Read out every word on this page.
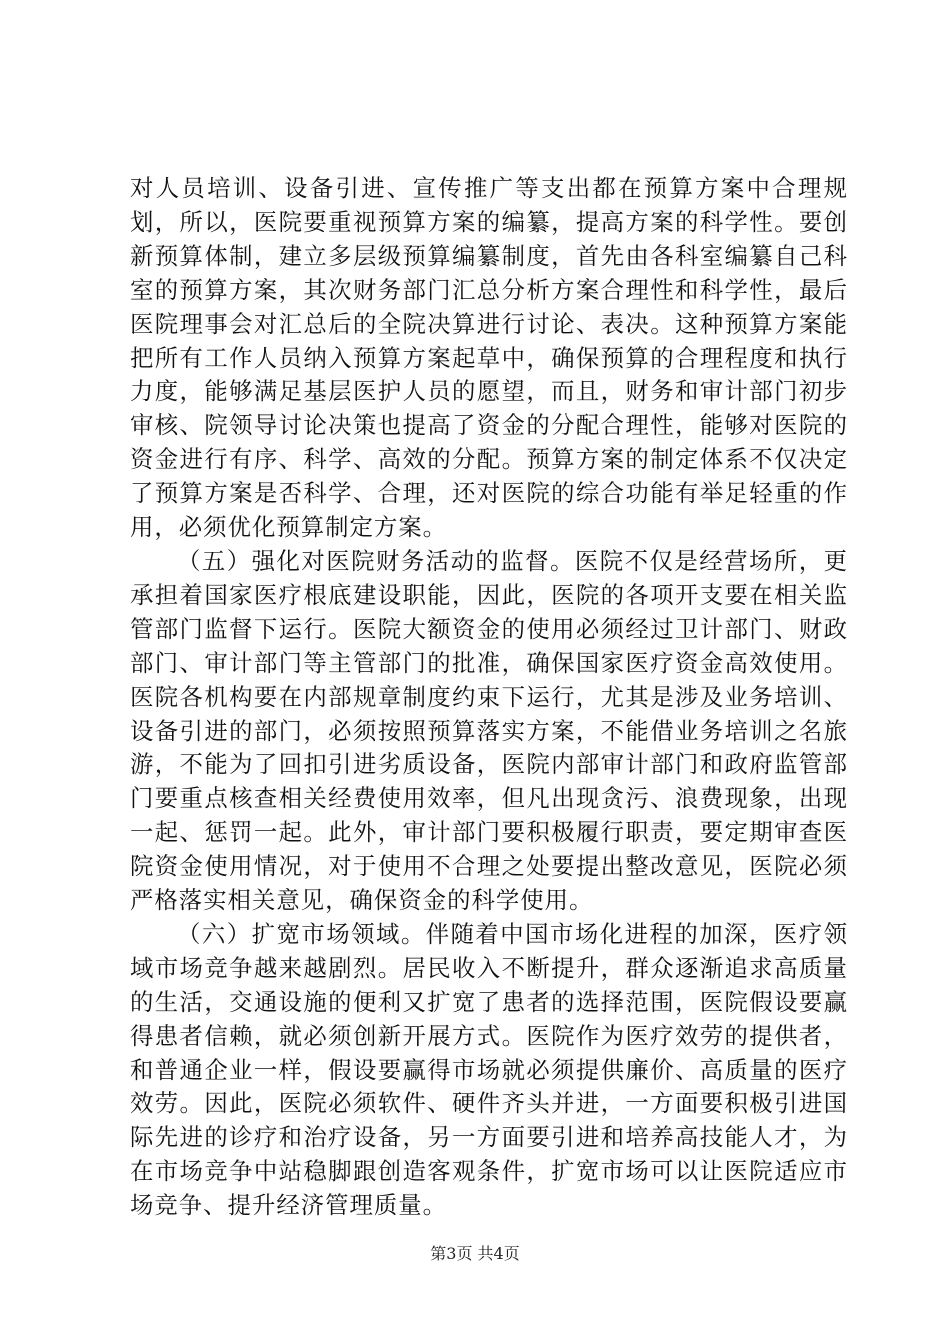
对人员培训、设备引进、宣传推广等支出都在预算方案中合理规划，所以，医院要重视预算方案的编纂，提高方案的科学性。要创新预算体制，建立多层级预算编纂制度，首先由各科室编纂自己科室的预算方案，其次财务部门汇总分析方案合理性和科学性，最后医院理事会对汇总后的全院决算进行讨论、表决。这种预算方案能把所有工作人员纳入预算方案起草中，确保预算的合理程度和执行力度，能够满足基层医护人员的愿望，而且，财务和审计部门初步审核、院领导讨论决策也提高了资金的分配合理性，能够对医院的资金进行有序、科学、高效的分配。预算方案的制定体系不仅决定了预算方案是否科学、合理，还对医院的综合功能有举足轻重的作用，必须优化预算制定方案。

（五）强化对医院财务活动的监督。医院不仅是经营场所，更承担着国家医疗根底建设职能，因此，医院的各项开支要在相关监管部门监督下运行。医院大额资金的使用必须经过卫计部门、财政部门、审计部门等主管部门的批准，确保国家医疗资金高效使用。医院各机构要在内部规章制度约束下运行，尤其是涉及业务培训、设备引进的部门，必须按照预算落实方案，不能借业务培训之名旅游，不能为了回扣引进劣质设备，医院内部审计部门和政府监管部门要重点核查相关经费使用效率，但凡出现贪污、浪费现象，出现一起、惩罚一起。此外，审计部门要积极履行职责，要定期审查医院资金使用情况，对于使用不合理之处要提出整改意见，医院必须严格落实相关意见，确保资金的科学使用。

（六）扩宽市场领域。伴随着中国市场化进程的加深，医疗领域市场竞争越来越剧烈。居民收入不断提升，群众逐渐追求高质量的生活，交通设施的便利又扩宽了患者的选择范围，医院假设要赢得患者信赖，就必须创新开展方式。医院作为医疗效劳的提供者，和普通企业一样，假设要赢得市场就必须提供廉价、高质量的医疗效劳。因此，医院必须软件、硬件齐头并进，一方面要积极引进国际先进的诊疗和治疗设备，另一方面要引进和培养高技能人才，为在市场竞争中站稳脚跟创造客观条件，扩宽市场可以让医院适应市场竞争、提升经济管理质量。

第3页 共4页
